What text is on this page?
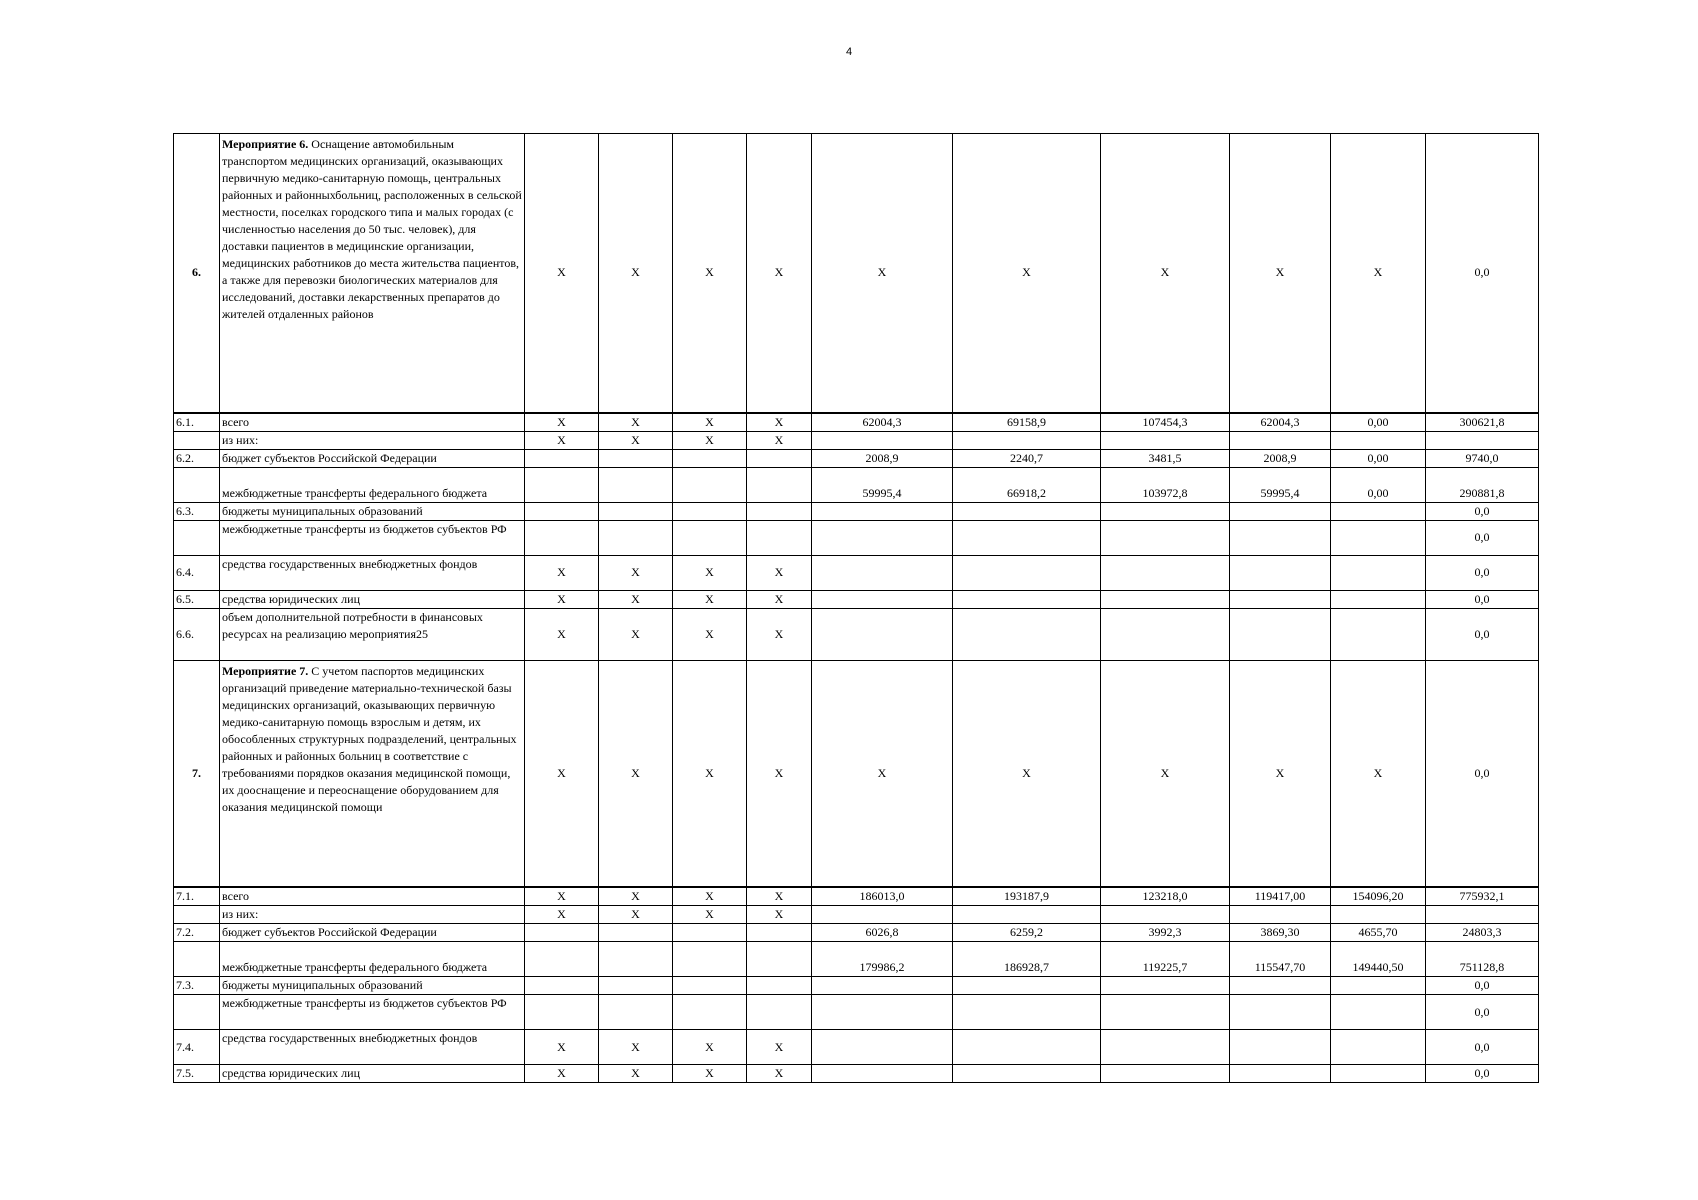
4
6.	Мероприятие 6. Оснащение автомобильным транспортом медицинских организаций, оказывающих первичную медико-санитарную помощь, центральных районных и районныхбольниц, расположенных в сельской местности, поселках городского типа и малых городах (с численностью населения до 50 тыс. человек), для доставки пациентов в медицинские организации, медицинских работников до места жительства пациентов, а также для перевозки биологических материалов для исследований, доставки лекарственных препаратов до жителей отдаленных районов	X	X	X	X	X	X	X	X	X	0,0
6.1.	всего	X	X	X	X	62004,3	69158,9	107454,3	62004,3	0,00	300621,8
	из них:	X	X	X	X						
6.2.	бюджет субъектов Российской Федерации					2008,9	2240,7	3481,5	2008,9	0,00	9740,0
	межбюджетные трансферты федерального бюджета					59995,4	66918,2	103972,8	59995,4	0,00	290881,8
6.3.	бюджеты муниципальных образований										0,0
	межбюджетные трансферты из бюджетов субъектов РФ										0,0
6.4.	средства государственных внебюджетных фондов	X	X	X	X						0,0
6.5.	средства юридических лиц	X	X	X	X						0,0
6.6.	объем дополнительной потребности в финансовых ресурсах на реализацию мероприятия25	X	X	X	X						0,0
7.	Мероприятие 7. С учетом паспортов медицинских организаций приведение материально-технической базы медицинских организаций, оказывающих первичную медико-санитарную помощь взрослым и детям, их обособленных структурных подразделений, центральных районных и районных больниц в соответствие с требованиями порядков оказания медицинской помощи, их дооснащение и переоснащение оборудованием для оказания медицинской помощи	X	X	X	X	X	X	X	X	X	0,0
7.1.	всего	X	X	X	X	186013,0	193187,9	123218,0	119417,00	154096,20	775932,1
	из них:	X	X	X	X						
7.2.	бюджет субъектов Российской Федерации					6026,8	6259,2	3992,3	3869,30	4655,70	24803,3
	межбюджетные трансферты федерального бюджета					179986,2	186928,7	119225,7	115547,70	149440,50	751128,8
7.3.	бюджеты муниципальных образований										0,0
	межбюджетные трансферты из бюджетов субъектов РФ										0,0
7.4.	средства государственных внебюджетных фондов	X	X	X	X						0,0
7.5.	средства юридических лиц	X	X	X	X						0,0
